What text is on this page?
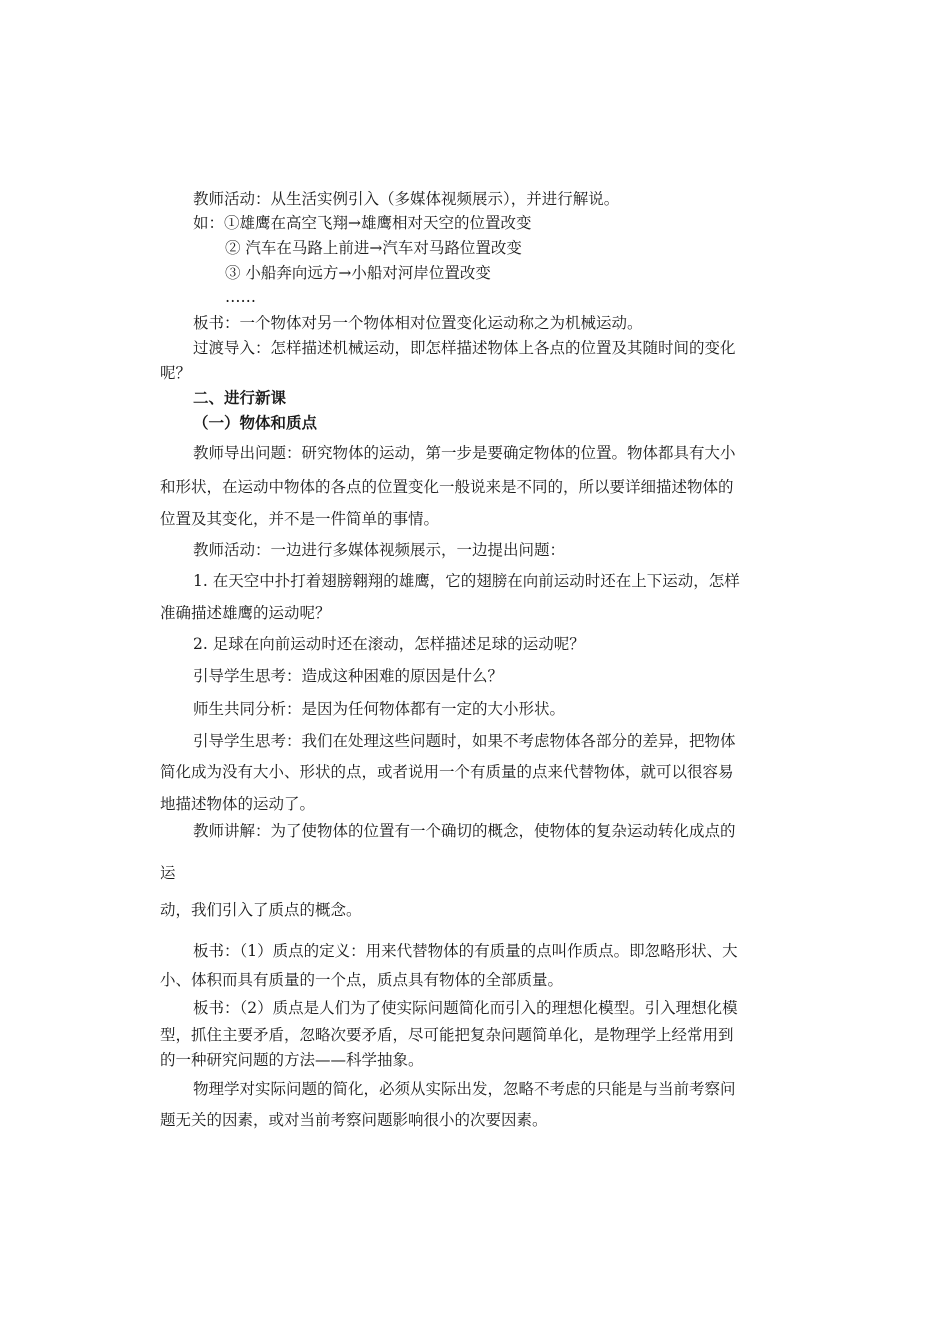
教师活动：从生活实例引入（多媒体视频展示），并进行解说。
如：①雄鹰在高空飞翔→雄鹰相对天空的位置改变
② 汽车在马路上前进→汽车对马路位置改变
③ 小船奔向远方→小船对河岸位置改变
……
板书：一个物体对另一个物体相对位置变化运动称之为机械运动。
过渡导入：怎样描述机械运动，即怎样描述物体上各点的位置及其随时间的变化
呢？
二、进行新课
（一）物体和质点
教师导出问题：研究物体的运动，第一步是要确定物体的位置。物体都具有大小
和形状，在运动中物体的各点的位置变化一般说来是不同的，所以要详细描述物体的
位置及其变化，并不是一件简单的事情。
教师活动：一边进行多媒体视频展示，一边提出问题：
1. 在天空中扑打着翅膀翱翔的雄鹰，它的翅膀在向前运动时还在上下运动，怎样
准确描述雄鹰的运动呢？
2. 足球在向前运动时还在滚动，怎样描述足球的运动呢？
引导学生思考：造成这种困难的原因是什么？
师生共同分析：是因为任何物体都有一定的大小形状。
引导学生思考：我们在处理这些问题时，如果不考虑物体各部分的差异，把物体
简化成为没有大小、形状的点，或者说用一个有质量的点来代替物体，就可以很容易
地描述物体的运动了。
教师讲解：为了使物体的位置有一个确切的概念，使物体的复杂运动转化成点的
运
动，我们引入了质点的概念。
板书：（1）质点的定义：用来代替物体的有质量的点叫作质点。即忽略形状、大
小、体积而具有质量的一个点，质点具有物体的全部质量。
板书：（2）质点是人们为了使实际问题简化而引入的理想化模型。引入理想化模
型，抓住主要矛盾，忽略次要矛盾，尽可能把复杂问题简单化，是物理学上经常用到
的一种研究问题的方法——科学抽象。
物理学对实际问题的简化，必须从实际出发，忽略不考虑的只能是与当前考察问
题无关的因素，或对当前考察问题影响很小的次要因素。
